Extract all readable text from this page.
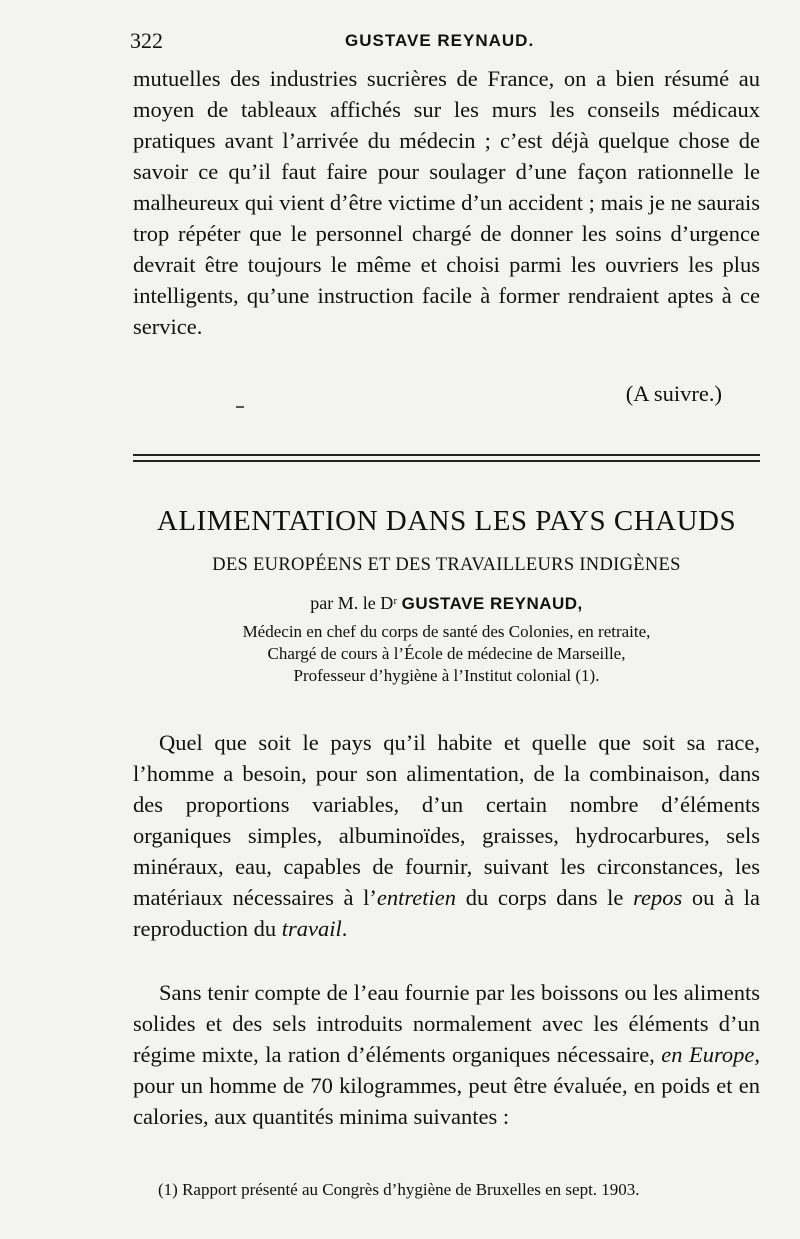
322	GUSTAVE REYNAUD.

mutuelles des industries sucrières de France, on a bien résumé au moyen de tableaux affichés sur les murs les conseils médicaux pratiques avant l’arrivée du médecin ; c’est déjà quelque chose de savoir ce qu’il faut faire pour soulager d’une façon rationnelle le malheureux qui vient d’être victime d’un accident ; mais je ne saurais trop répéter que le personnel chargé de donner les soins d’urgence devrait être toujours le même et choisi parmi les ouvriers les plus intelligents, qu’une instruction facile à former rendraient aptes à ce service.

(A suivre.)
ALIMENTATION DANS LES PAYS CHAUDS
DES EUROPÉENS ET DES TRAVAILLEURS INDIGÈNES
par M. le Dʳ GUSTAVE REYNAUD,
Médecin en chef du corps de santé des Colonies, en retraite,
Chargé de cours à l’École de médecine de Marseille,
Professeur d’hygiène à l’Institut colonial (1).

Quel que soit le pays qu’il habite et quelle que soit sa race, l’homme a besoin, pour son alimentation, de la combinaison, dans des proportions variables, d’un certain nombre d’éléments organiques simples, albuminoïdes, graisses, hydrocarbures, sels minéraux, eau, capables de fournir, suivant les circonstances, les matériaux nécessaires à l’entretien du corps dans le repos ou à la reproduction du travail.

Sans tenir compte de l’eau fournie par les boissons ou les aliments solides et des sels introduits normalement avec les éléments d’un régime mixte, la ration d’éléments organiques nécessaire, en Europe, pour un homme de 70 kilogrammes, peut être évaluée, en poids et en calories, aux quantités minima suivantes :

(1) Rapport présenté au Congrès d’hygiène de Bruxelles en sept. 1903.
